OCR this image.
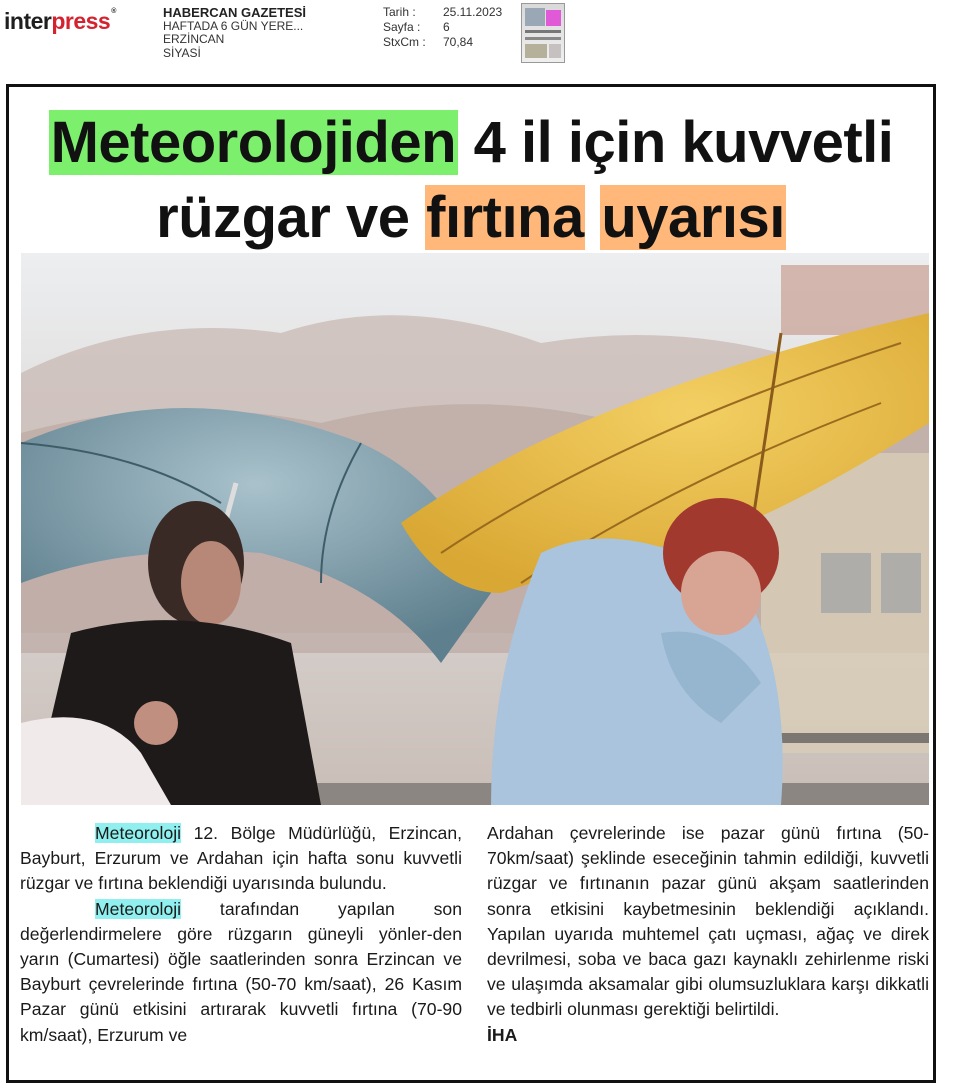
interpress®	HABERCAN GAZETESİ
HAFTADA 6 GÜN YERE...
ERZİNCAN
SİYASİ
Tarih :	25.11.2023
Sayfa :	6
StxCm :	70,84
Meteorolojiden 4 il için kuvvetli
rüzgar ve fırtına uyarısı

Meteoroloji 12. Bölge Müdürlüğü, Erzincan, Bayburt, Erzurum ve Ardahan için hafta sonu kuvvetli rüzgar ve fırtına beklendiği uyarısında bulundu.

Meteoroloji tarafından yapılan son değerlendirmelere göre rüzgarın güneyli yönler-den yarın (Cumartesi) öğle saatlerinden sonra Erzincan ve Bayburt çevrelerinde fırtına (50-70 km/saat), 26 Kasım Pazar günü etkisini artırarak kuvvetli fırtına (70-90 km/saat), Erzurum ve

Ardahan çevrelerinde ise pazar günü fırtına (50-70km/saat) şeklinde eseceğinin tahmin edildiği, kuvvetli rüzgar ve fırtınanın pazar günü akşam saatlerinden sonra etkisini kaybetmesinin beklendiği açıklandı. Yapılan uyarıda muhtemel çatı uçması, ağaç ve direk devrilmesi, soba ve baca gazı kaynaklı zehirlenme riski ve ulaşımda aksamalar gibi olumsuzluklara karşı dikkatli ve tedbirli olunması gerektiği belirtildi.

İHA
